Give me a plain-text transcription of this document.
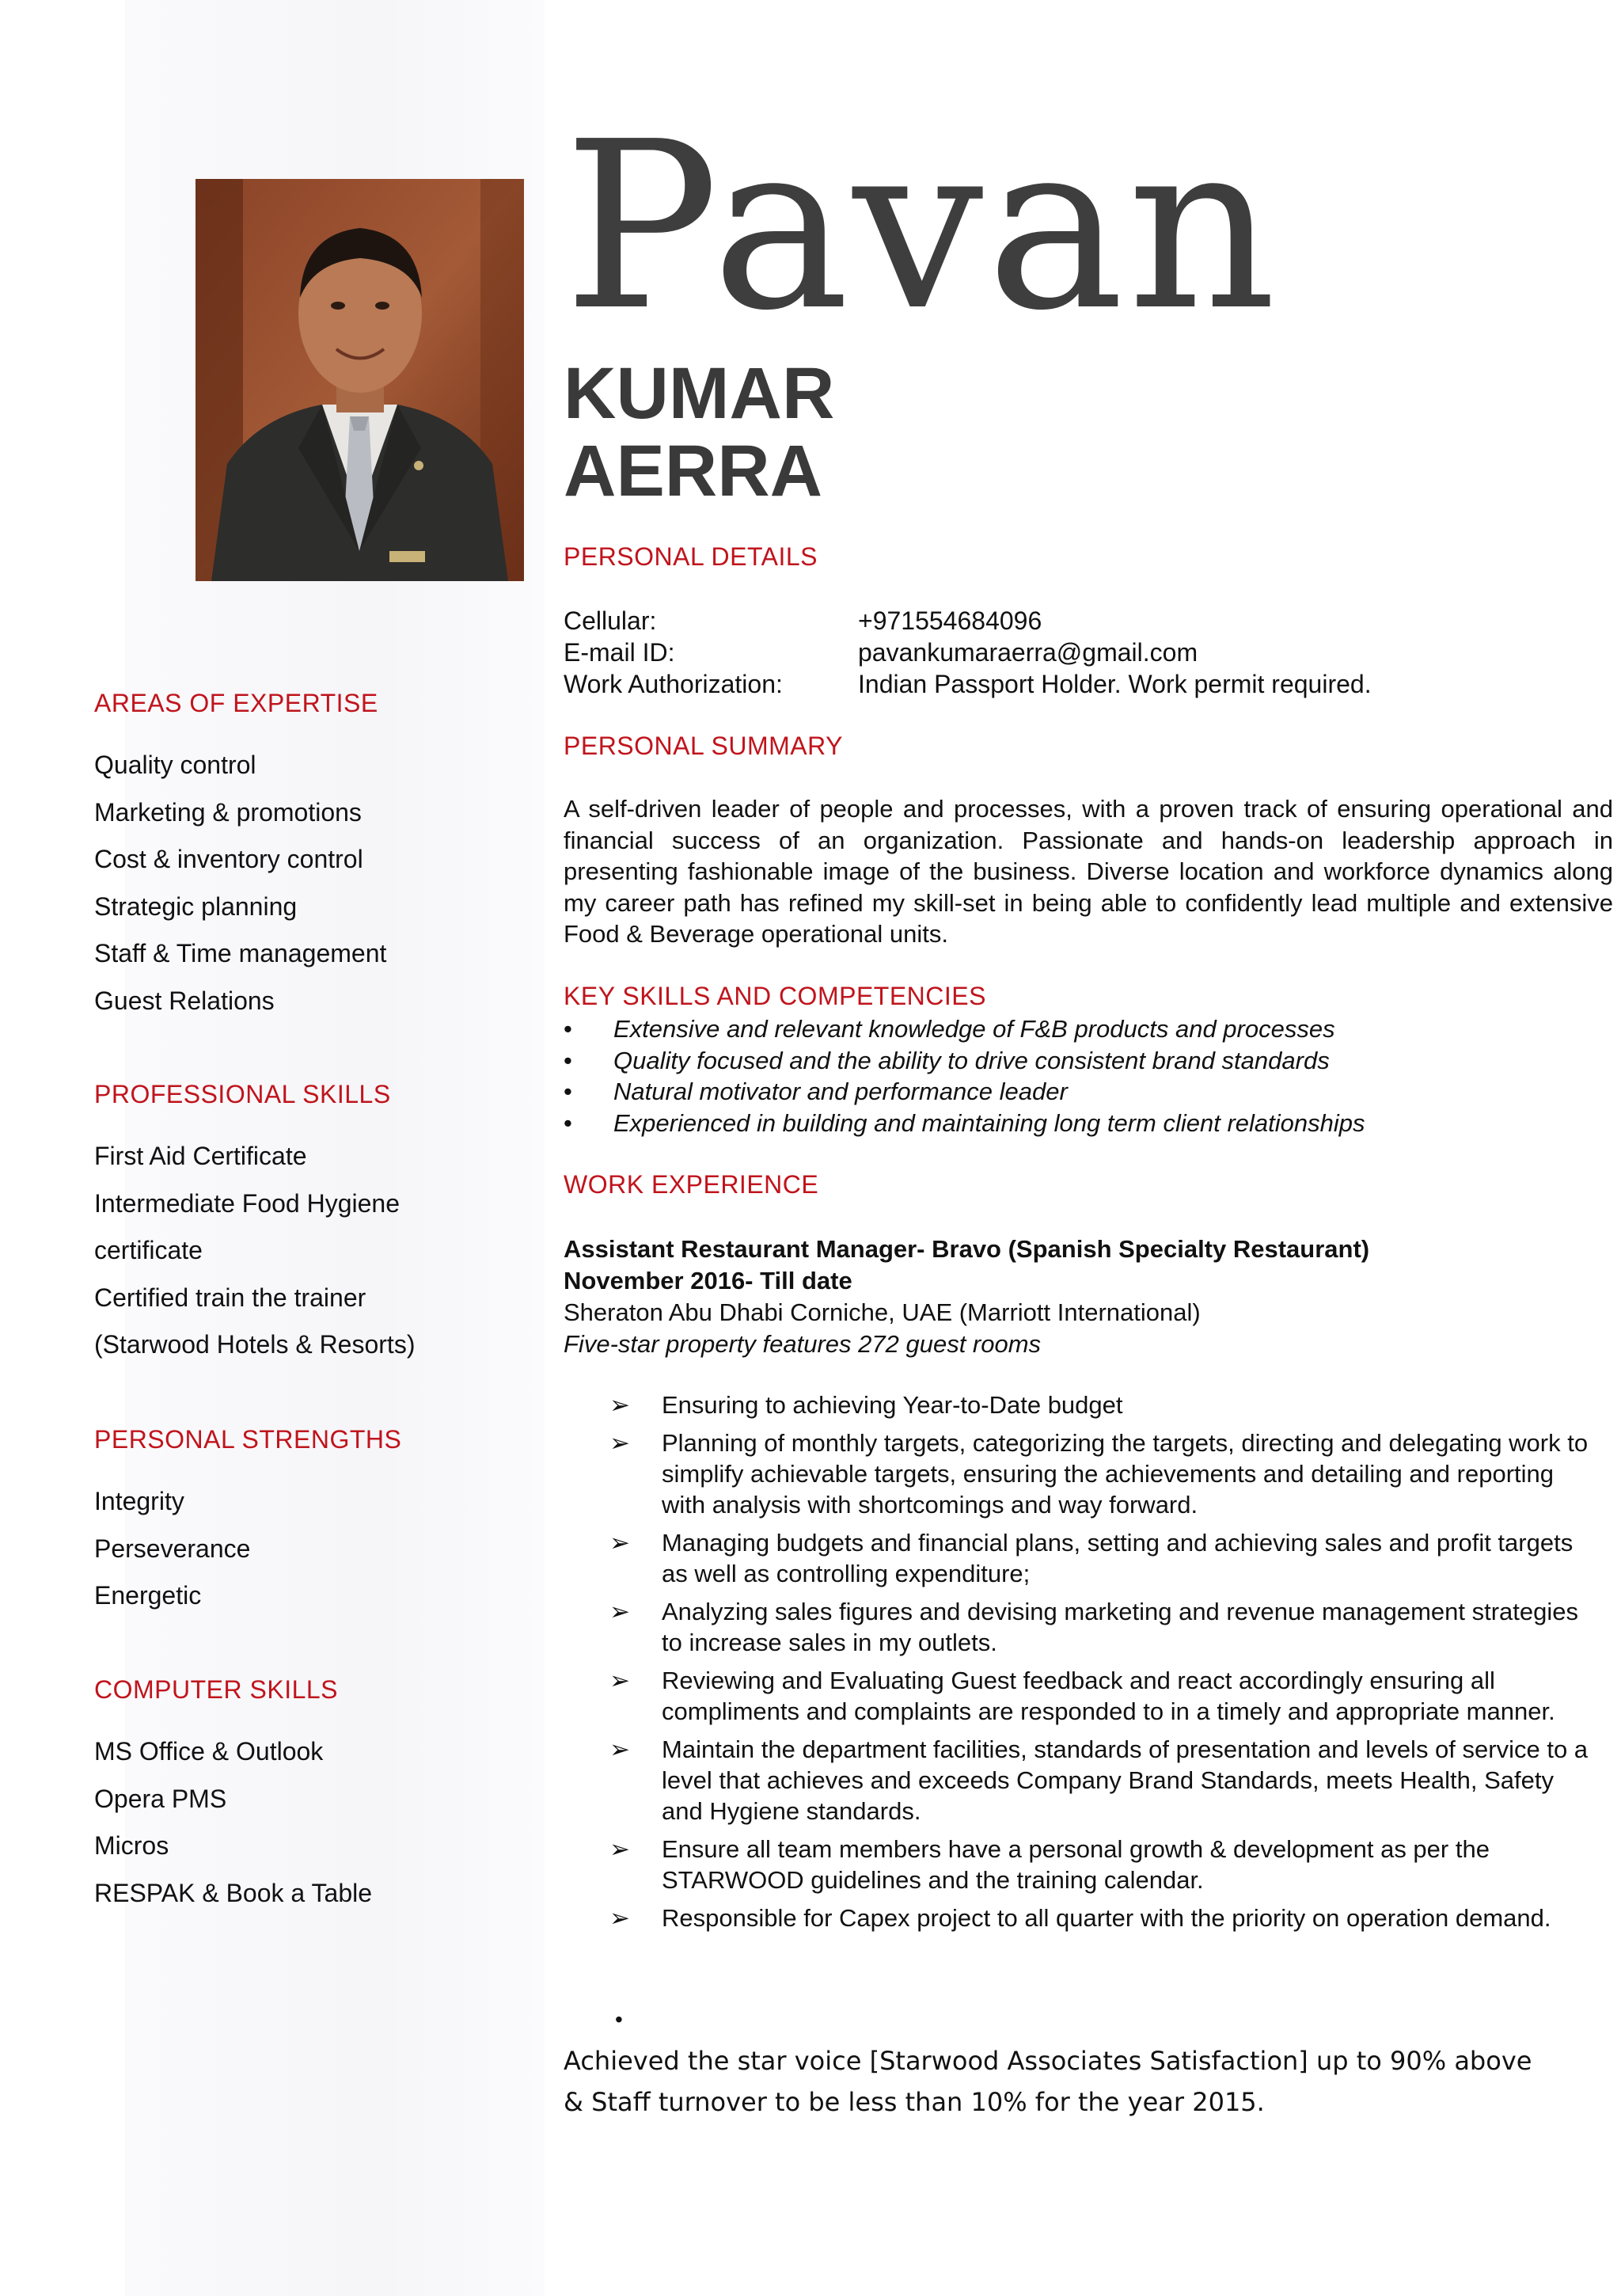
Pavan
KUMAR
AERRA
PERSONAL DETAILS
Cellular:	+971554684096
E-mail ID:	pavankumaraerra@gmail.com
Work Authorization:	Indian Passport Holder. Work permit required.
PERSONAL SUMMARY

A self-driven leader of people and processes, with a proven track of ensuring operational and financial success of an organization. Passionate and hands-on leadership approach in presenting fashionable image of the business. Diverse location and workforce dynamics along my career path has refined my skill-set in being able to confidently lead multiple and extensive Food & Beverage operational units.

KEY SKILLS AND COMPETENCIES
• Extensive and relevant knowledge of F&B products and processes
• Quality focused and the ability to drive consistent brand standards
• Natural motivator and performance leader
• Experienced in building and maintaining long term client relationships
WORK EXPERIENCE
Assistant Restaurant Manager- Bravo (Spanish Specialty Restaurant)
November 2016- Till date
Sheraton Abu Dhabi Corniche, UAE (Marriott International)
Five-star property features 272 guest rooms
➢ Ensuring to achieving Year-to-Date budget
➢ Planning of monthly targets, categorizing the targets, directing and delegating work to simplify achievable targets, ensuring the achievements and detailing and reporting with analysis with shortcomings and way forward.
➢ Managing budgets and financial plans, setting and achieving sales and profit targets as well as controlling expenditure;
➢ Analyzing sales figures and devising marketing and revenue management strategies to increase sales in my outlets.
➢ Reviewing and Evaluating Guest feedback and react accordingly ensuring all compliments and complaints are responded to in a timely and appropriate manner.
➢ Maintain the department facilities, standards of presentation and levels of service to a level that achieves and exceeds Company Brand Standards, meets Health, Safety and Hygiene standards.
➢ Ensure all team members have a personal growth & development as per the STARWOOD guidelines and the training calendar.
➢ Responsible for Capex project to all quarter with the priority on operation demand.
•
Achieved the star voice [Starwood Associates Satisfaction] up to 90% above
& Staff turnover to be less than 10% for the year 2015.
AREAS OF EXPERTISE
Quality control
Marketing & promotions
Cost & inventory control
Strategic planning
Staff & Time management
Guest Relations
PROFESSIONAL SKILLS
First Aid Certificate
Intermediate Food Hygiene
certificate
Certified train the trainer
(Starwood Hotels & Resorts)
PERSONAL STRENGTHS
Integrity
Perseverance
Energetic
COMPUTER SKILLS
MS Office & Outlook
Opera PMS
Micros
RESPAK & Book a Table
